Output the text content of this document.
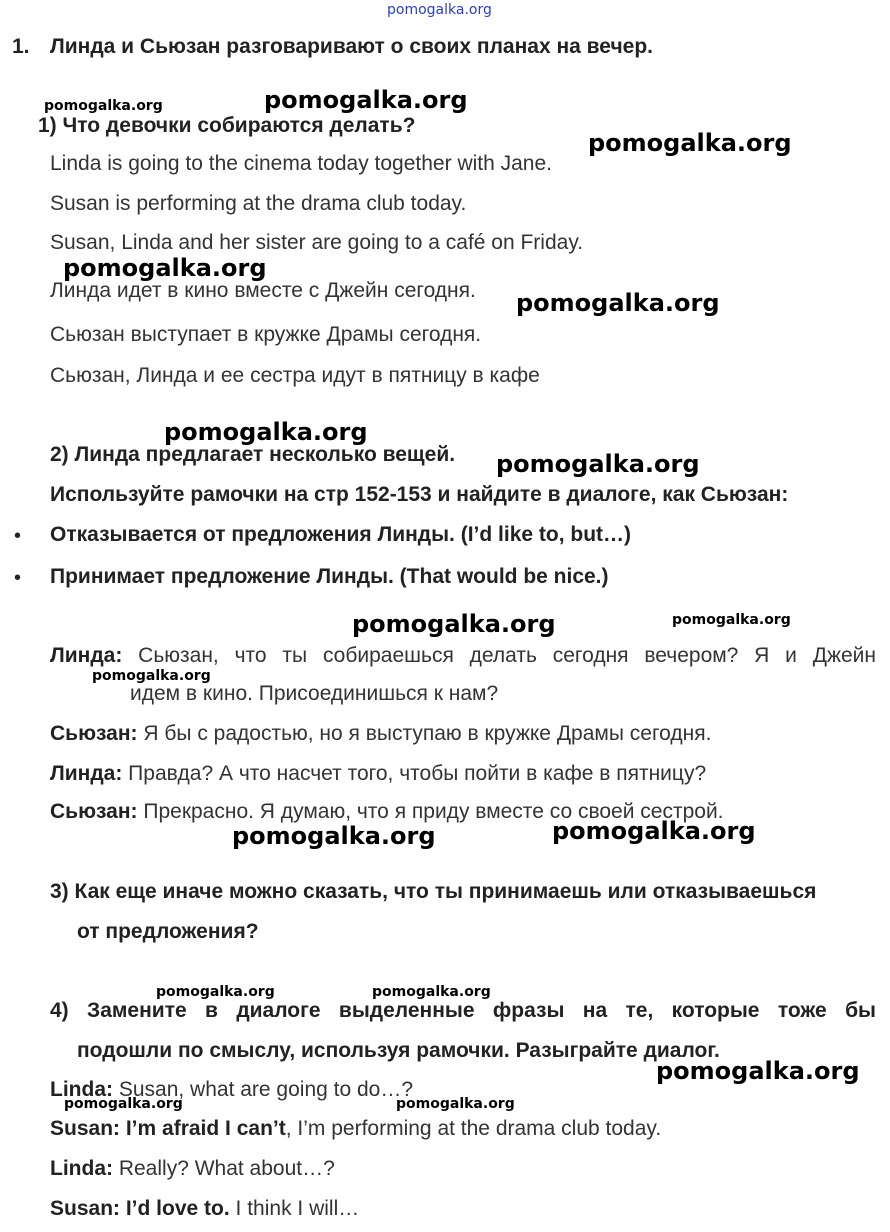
pomogalka.org
1. Линда и Сьюзан разговаривают о своих планах на вечер.
1) Что девочки собираются делать?
Linda is going to the cinema today together with Jane.
Susan is performing at the drama club today.
Susan, Linda and her sister are going to a café on Friday.
Линда идет в кино вместе с Джейн сегодня.
Сьюзан выступает в кружке Драмы сегодня.
Сьюзан, Линда и ее сестра идут в пятницу в кафе
2) Линда предлагает несколько вещей.
Используйте рамочки на стр 152-153 и найдите в диалоге, как Сьюзан:
• Отказывается от предложения Линды. (I’d like to, but…)
• Принимает предложение Линды. (That would be nice.)
Линда: Сьюзан, что ты собираешься делать сегодня вечером? Я и Джейн
идем в кино. Присоединишься к нам?
Сьюзан: Я бы с радостью, но я выступаю в кружке Драмы сегодня.
Линда: Правда? А что насчет того, чтобы пойти в кафе в пятницу?
Сьюзан: Прекрасно. Я думаю, что я приду вместе со своей сестрой.
3) Как еще иначе можно сказать, что ты принимаешь или отказываешься
от предложения?
4) Замените в диалоге выделенные фразы на те, которые тоже бы
подошли по смыслу, используя рамочки. Разыграйте диалог.
Linda: Susan, what are going to do…?
Susan: I’m afraid I can’t, I’m performing at the drama club today.
Linda: Really? What about…?
Susan: I’d love to. I think I will…
pomogalka.org	pomogalka.org
pomogalka.org
pomogalka.org
pomogalka.org
pomogalka.org
pomogalka.org
pomogalka.org	pomogalka.org
pomogalka.org
pomogalka.org	pomogalka.org
pomogalka.org	pomogalka.org
pomogalka.org
pomogalka.org	pomogalka.org
